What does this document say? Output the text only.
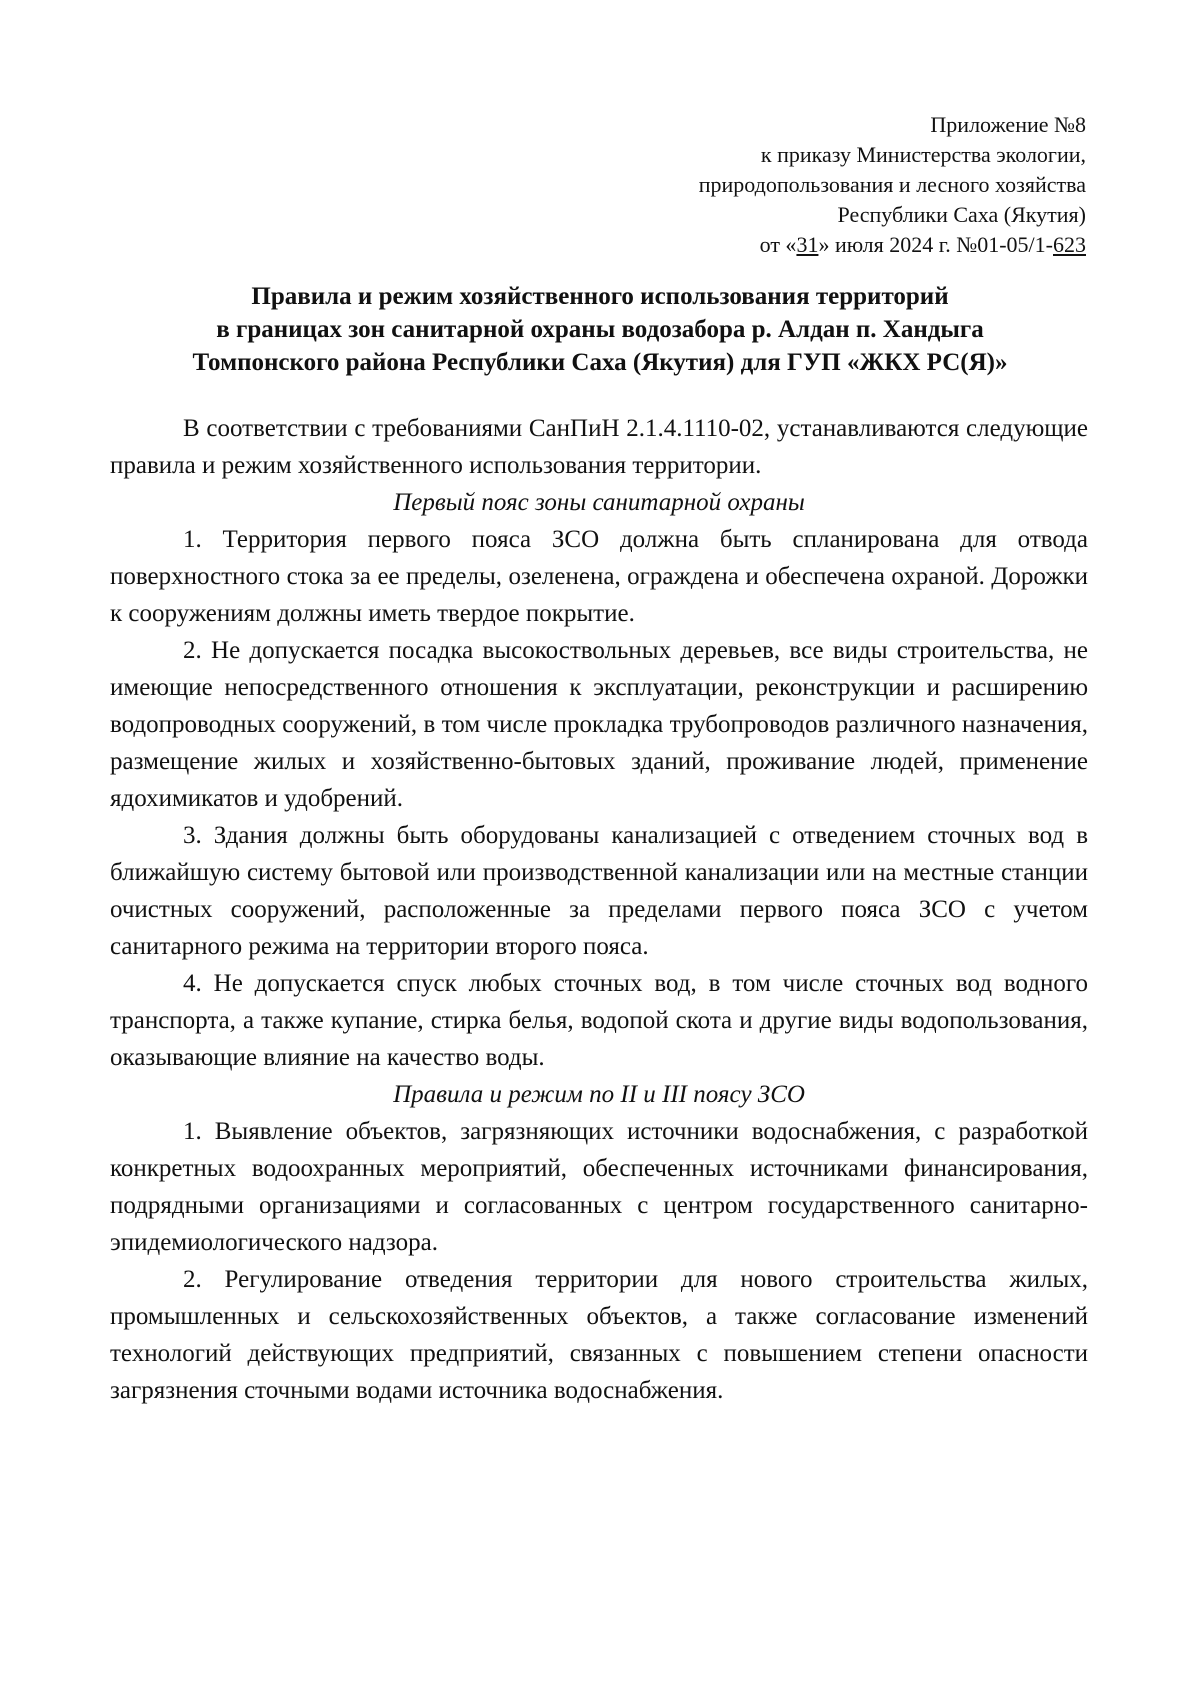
Приложение №8
к приказу Министерства экологии,
природопользования и лесного хозяйства
Республики Саха (Якутия)
от «31» июля 2024 г. №01-05/1-623
Правила и режим хозяйственного использования территорий
в границах зон санитарной охраны водозабора р. Алдан п. Хандыга
Томпонского района Республики Саха (Якутия) для ГУП «ЖКХ РС(Я)»

В соответствии с требованиями СанПиН 2.1.4.1110-02, устанавливаются следующие правила и режим хозяйственного использования территории.

Первый пояс зоны санитарной охраны

1. Территория первого пояса ЗСО должна быть спланирована для отвода поверхностного стока за ее пределы, озеленена, ограждена и обеспечена охраной. Дорожки к сооружениям должны иметь твердое покрытие.

2. Не допускается посадка высокоствольных деревьев, все виды строительства, не имеющие непосредственного отношения к эксплуатации, реконструкции и расширению водопроводных сооружений, в том числе прокладка трубопроводов различного назначения, размещение жилых и хозяйственно-бытовых зданий, проживание людей, применение ядохимикатов и удобрений.

3. Здания должны быть оборудованы канализацией с отведением сточных вод в ближайшую систему бытовой или производственной канализации или на местные станции очистных сооружений, расположенные за пределами первого пояса ЗСО с учетом санитарного режима на территории второго пояса.

4. Не допускается спуск любых сточных вод, в том числе сточных вод водного транспорта, а также купание, стирка белья, водопой скота и другие виды водопользования, оказывающие влияние на качество воды.

Правила и режим по II и III поясу ЗСО

1. Выявление объектов, загрязняющих источники водоснабжения, с разработкой конкретных водоохранных мероприятий, обеспеченных источниками финансирования, подрядными организациями и согласованных с центром государственного санитарно-эпидемиологического надзора.

2. Регулирование отведения территории для нового строительства жилых, промышленных и сельскохозяйственных объектов, а также согласование изменений технологий действующих предприятий, связанных с повышением степени опасности загрязнения сточными водами источника водоснабжения.
